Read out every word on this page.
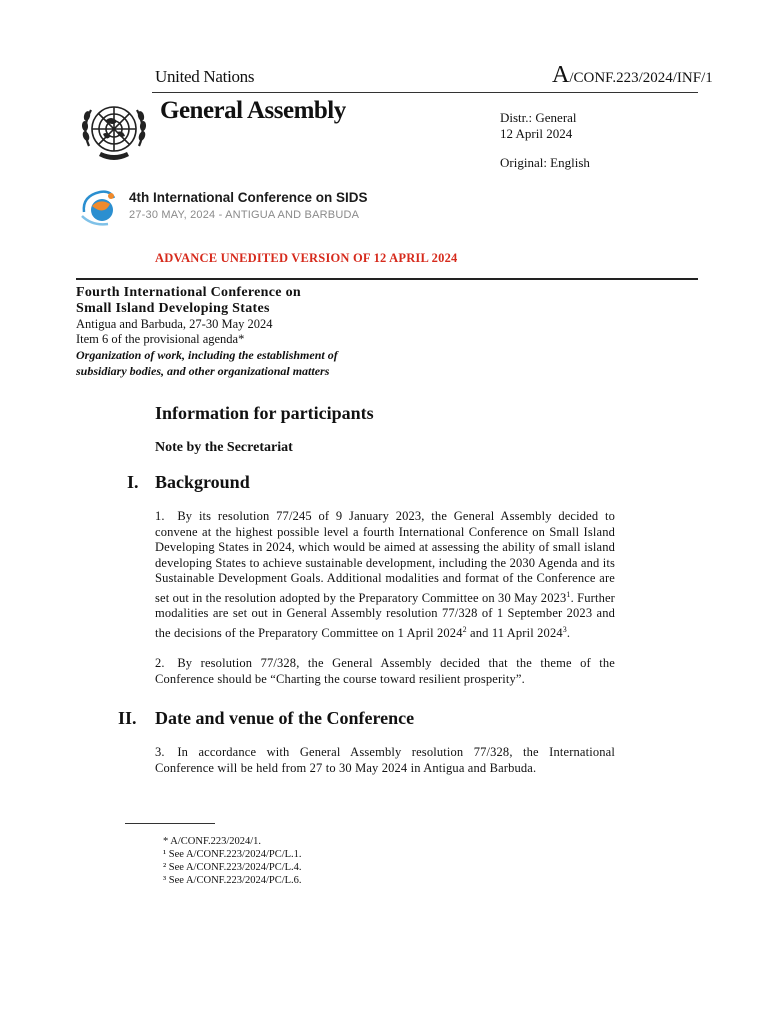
United Nations	A/CONF.223/2024/INF/1
General Assembly	Distr.: General
12 April 2024
Original: English
4th International Conference on SIDS
27-30 MAY, 2024 - ANTIGUA AND BARBUDA
ADVANCE UNEDITED VERSION OF 12 APRIL 2024
Fourth International Conference on
Small Island Developing States
Antigua and Barbuda, 27-30 May 2024
Item 6 of the provisional agenda*
Organization of work, including the establishment of
subsidiary bodies, and other organizational matters
Information for participants
Note by the Secretariat
I. Background
1. By its resolution 77/245 of 9 January 2023, the General Assembly decided to convene at the highest possible level a fourth International Conference on Small Island Developing States in 2024, which would be aimed at assessing the ability of small island developing States to achieve sustainable development, including the 2030 Agenda and its Sustainable Development Goals. Additional modalities and format of the Conference are set out in the resolution adopted by the Preparatory Committee on 30 May 2023$^1$. Further modalities are set out in General Assembly resolution 77/328 of 1 September 2023 and the decisions of the Preparatory Committee on 1 April 2024$^2$ and 11 April 2024$^3$.
2. By resolution 77/328, the General Assembly decided that the theme of the Conference should be “Charting the course toward resilient prosperity”.
II. Date and venue of the Conference
3. In accordance with General Assembly resolution 77/328, the International Conference will be held from 27 to 30 May 2024 in Antigua and Barbuda.
* A/CONF.223/2024/1.
¹ See A/CONF.223/2024/PC/L.1.
² See A/CONF.223/2024/PC/L.4.
³ See A/CONF.223/2024/PC/L.6.
